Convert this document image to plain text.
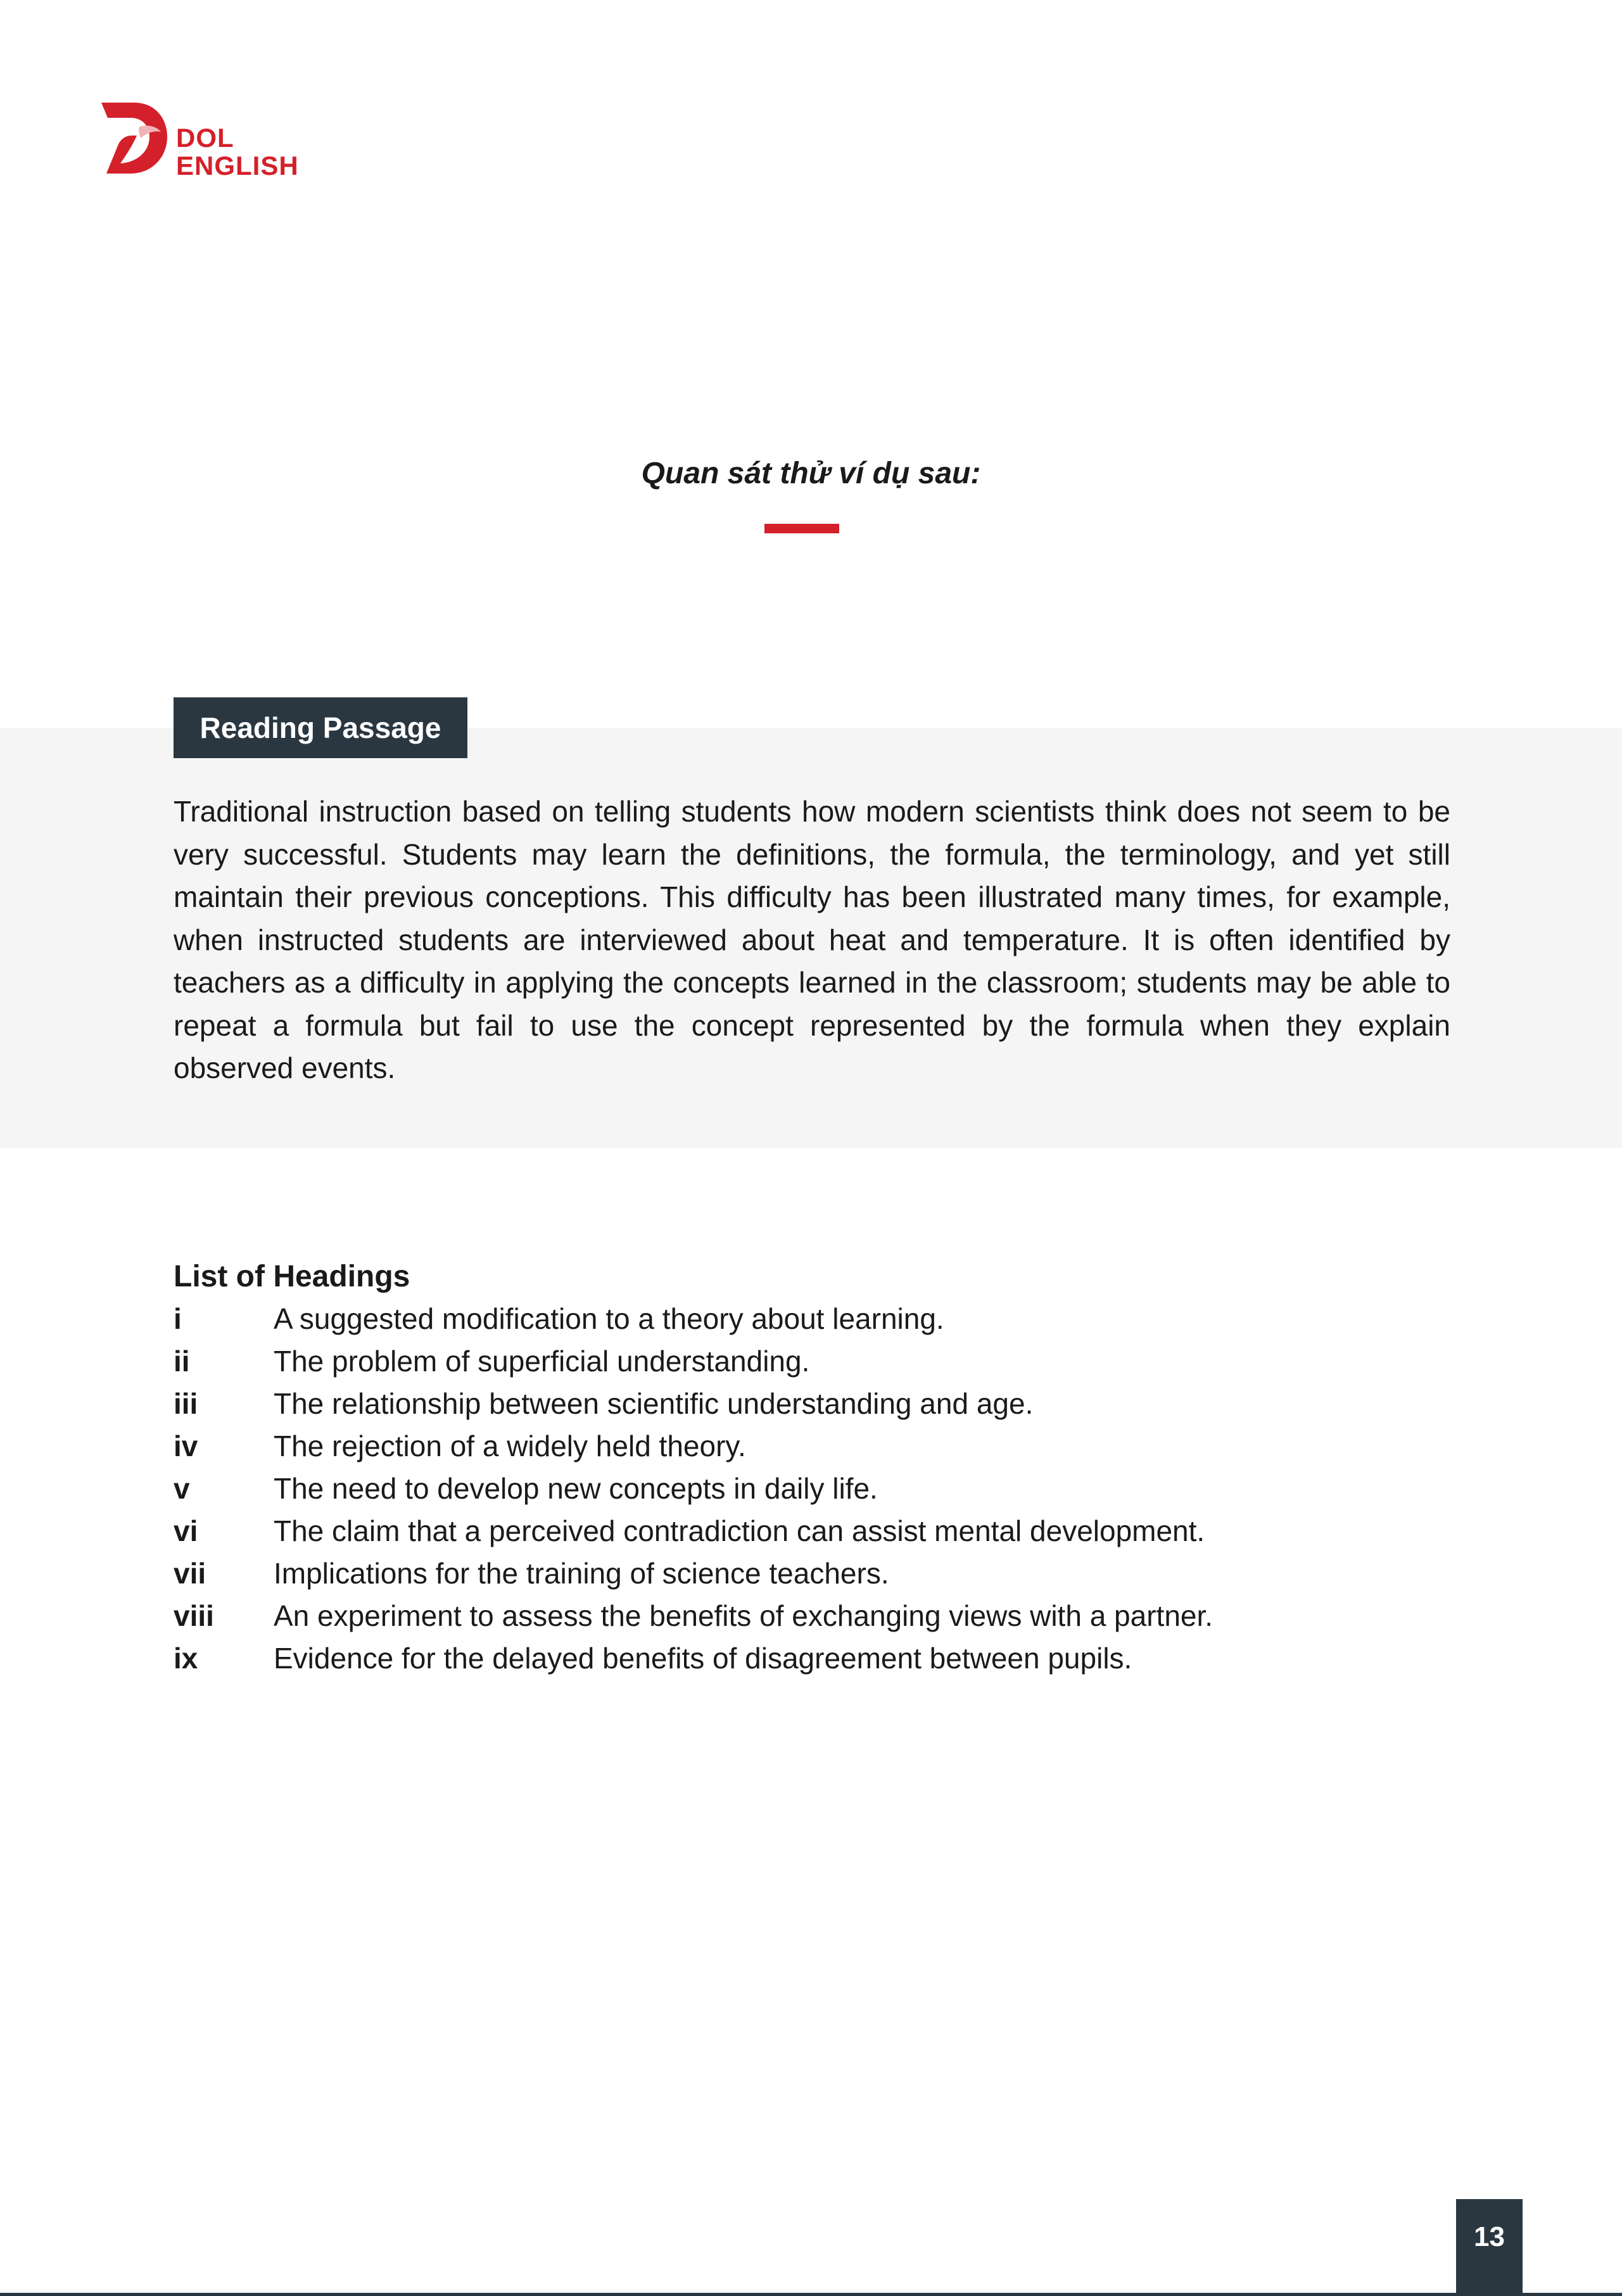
DOL
ENGLISH
Quan sát thử ví dụ sau:
Reading Passage
Traditional instruction based on telling students how modern scientists think does not seem to be very successful. Students may learn the definitions, the formula, the terminology, and yet still maintain their previous conceptions. This difficulty has been illustrated many times, for example, when instructed students are interviewed about heat and temperature. It is often identified by teachers as a difficulty in applying the concepts learned in the classroom; students may be able to repeat a formula but fail to use the concept represented by the formula when they explain observed events.
List of Headings
i	A suggested modification to a theory about learning.
ii	The problem of superficial understanding.
iii	The relationship between scientific understanding and age.
iv	The rejection of a widely held theory.
v	The need to develop new concepts in daily life.
vi	The claim that a perceived contradiction can assist mental development.
vii	Implications for the training of science teachers.
viii	An experiment to assess the benefits of exchanging views with a partner.
ix	Evidence for the delayed benefits of disagreement between pupils.
13
